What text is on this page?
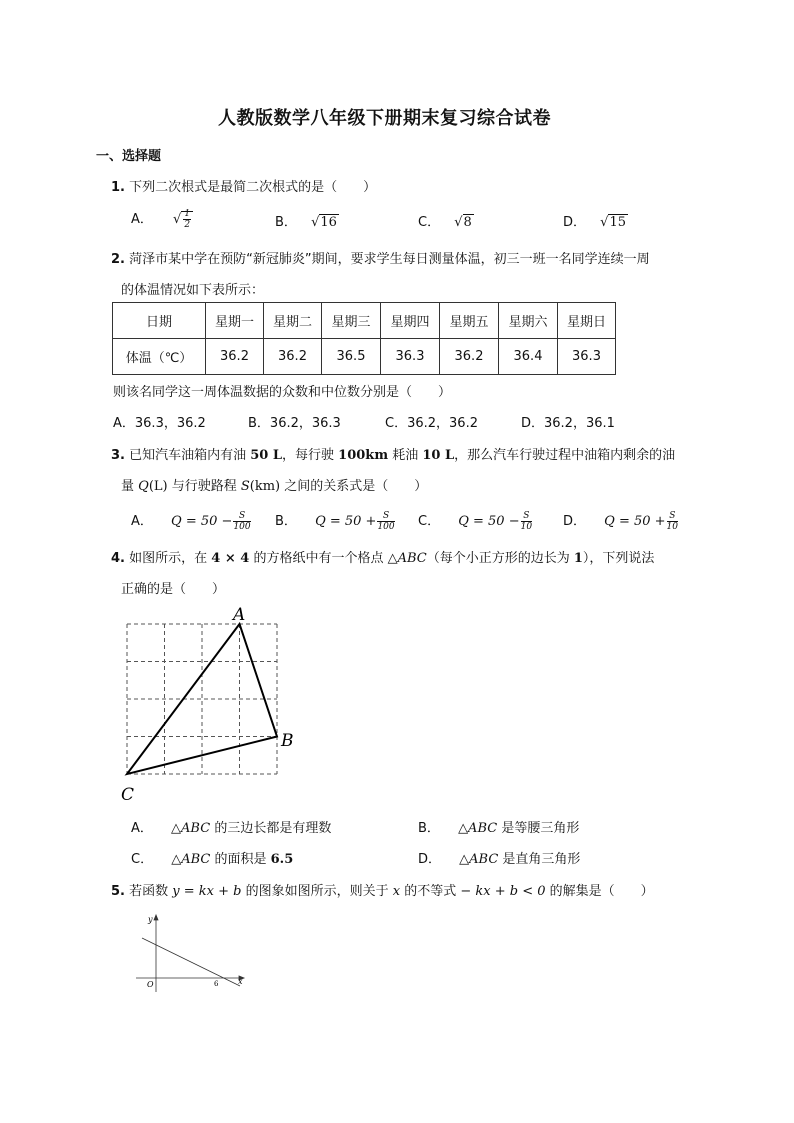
人教版数学八年级下册期末复习综合试卷
一、选择题
1. 下列二次根式是最简二次根式的是（　　）
A． √ $\frac{1}{2}$	B． √16	C． √8	D． √15
2. 菏泽市某中学在预防“新冠肺炎”期间，要求学生每日测量体温，初三一班一名同学连续一周
的体温情况如下表所示：
日期	星期一	星期二	星期三	星期四	星期五	星期六	星期日
体温（℃）	36.2	36.2	36.5	36.3	36.2	36.4	36.3
则该名同学这一周体温数据的众数和中位数分别是（　　）
A．36.3，36.2	B．36.2，36.3	C．36.2，36.2	D．36.2，36.1
3. 已知汽车油箱内有油 50 L，每行驶 100km 耗油 10 L，那么汽车行驶过程中油箱内剩余的油
量 Q(L) 与行驶路程 S(km) 之间的关系式是（　　）
A． $Q = 50 - \frac{S}{100}$ B． $Q = 50 + \frac{S}{100}$ C． $Q = 50 - \frac{S}{10}$ D． $Q = 50 + \frac{S}{10}$
4. 如图所示，在 4 × 4 的方格纸中有一个格点 △ABC（每个小正方形的边长为 1），下列说法
正确的是（　　）
A
B
C
A． △ABC 的三边长都是有理数	B． △ABC 是等腰三角形
C． △ABC 的面积是 6.5	D． △ABC 是直角三角形
5. 若函数 y = kx + b 的图象如图所示，则关于 x 的不等式 − kx + b < 0 的解集是（　　）
y
x
O	6
